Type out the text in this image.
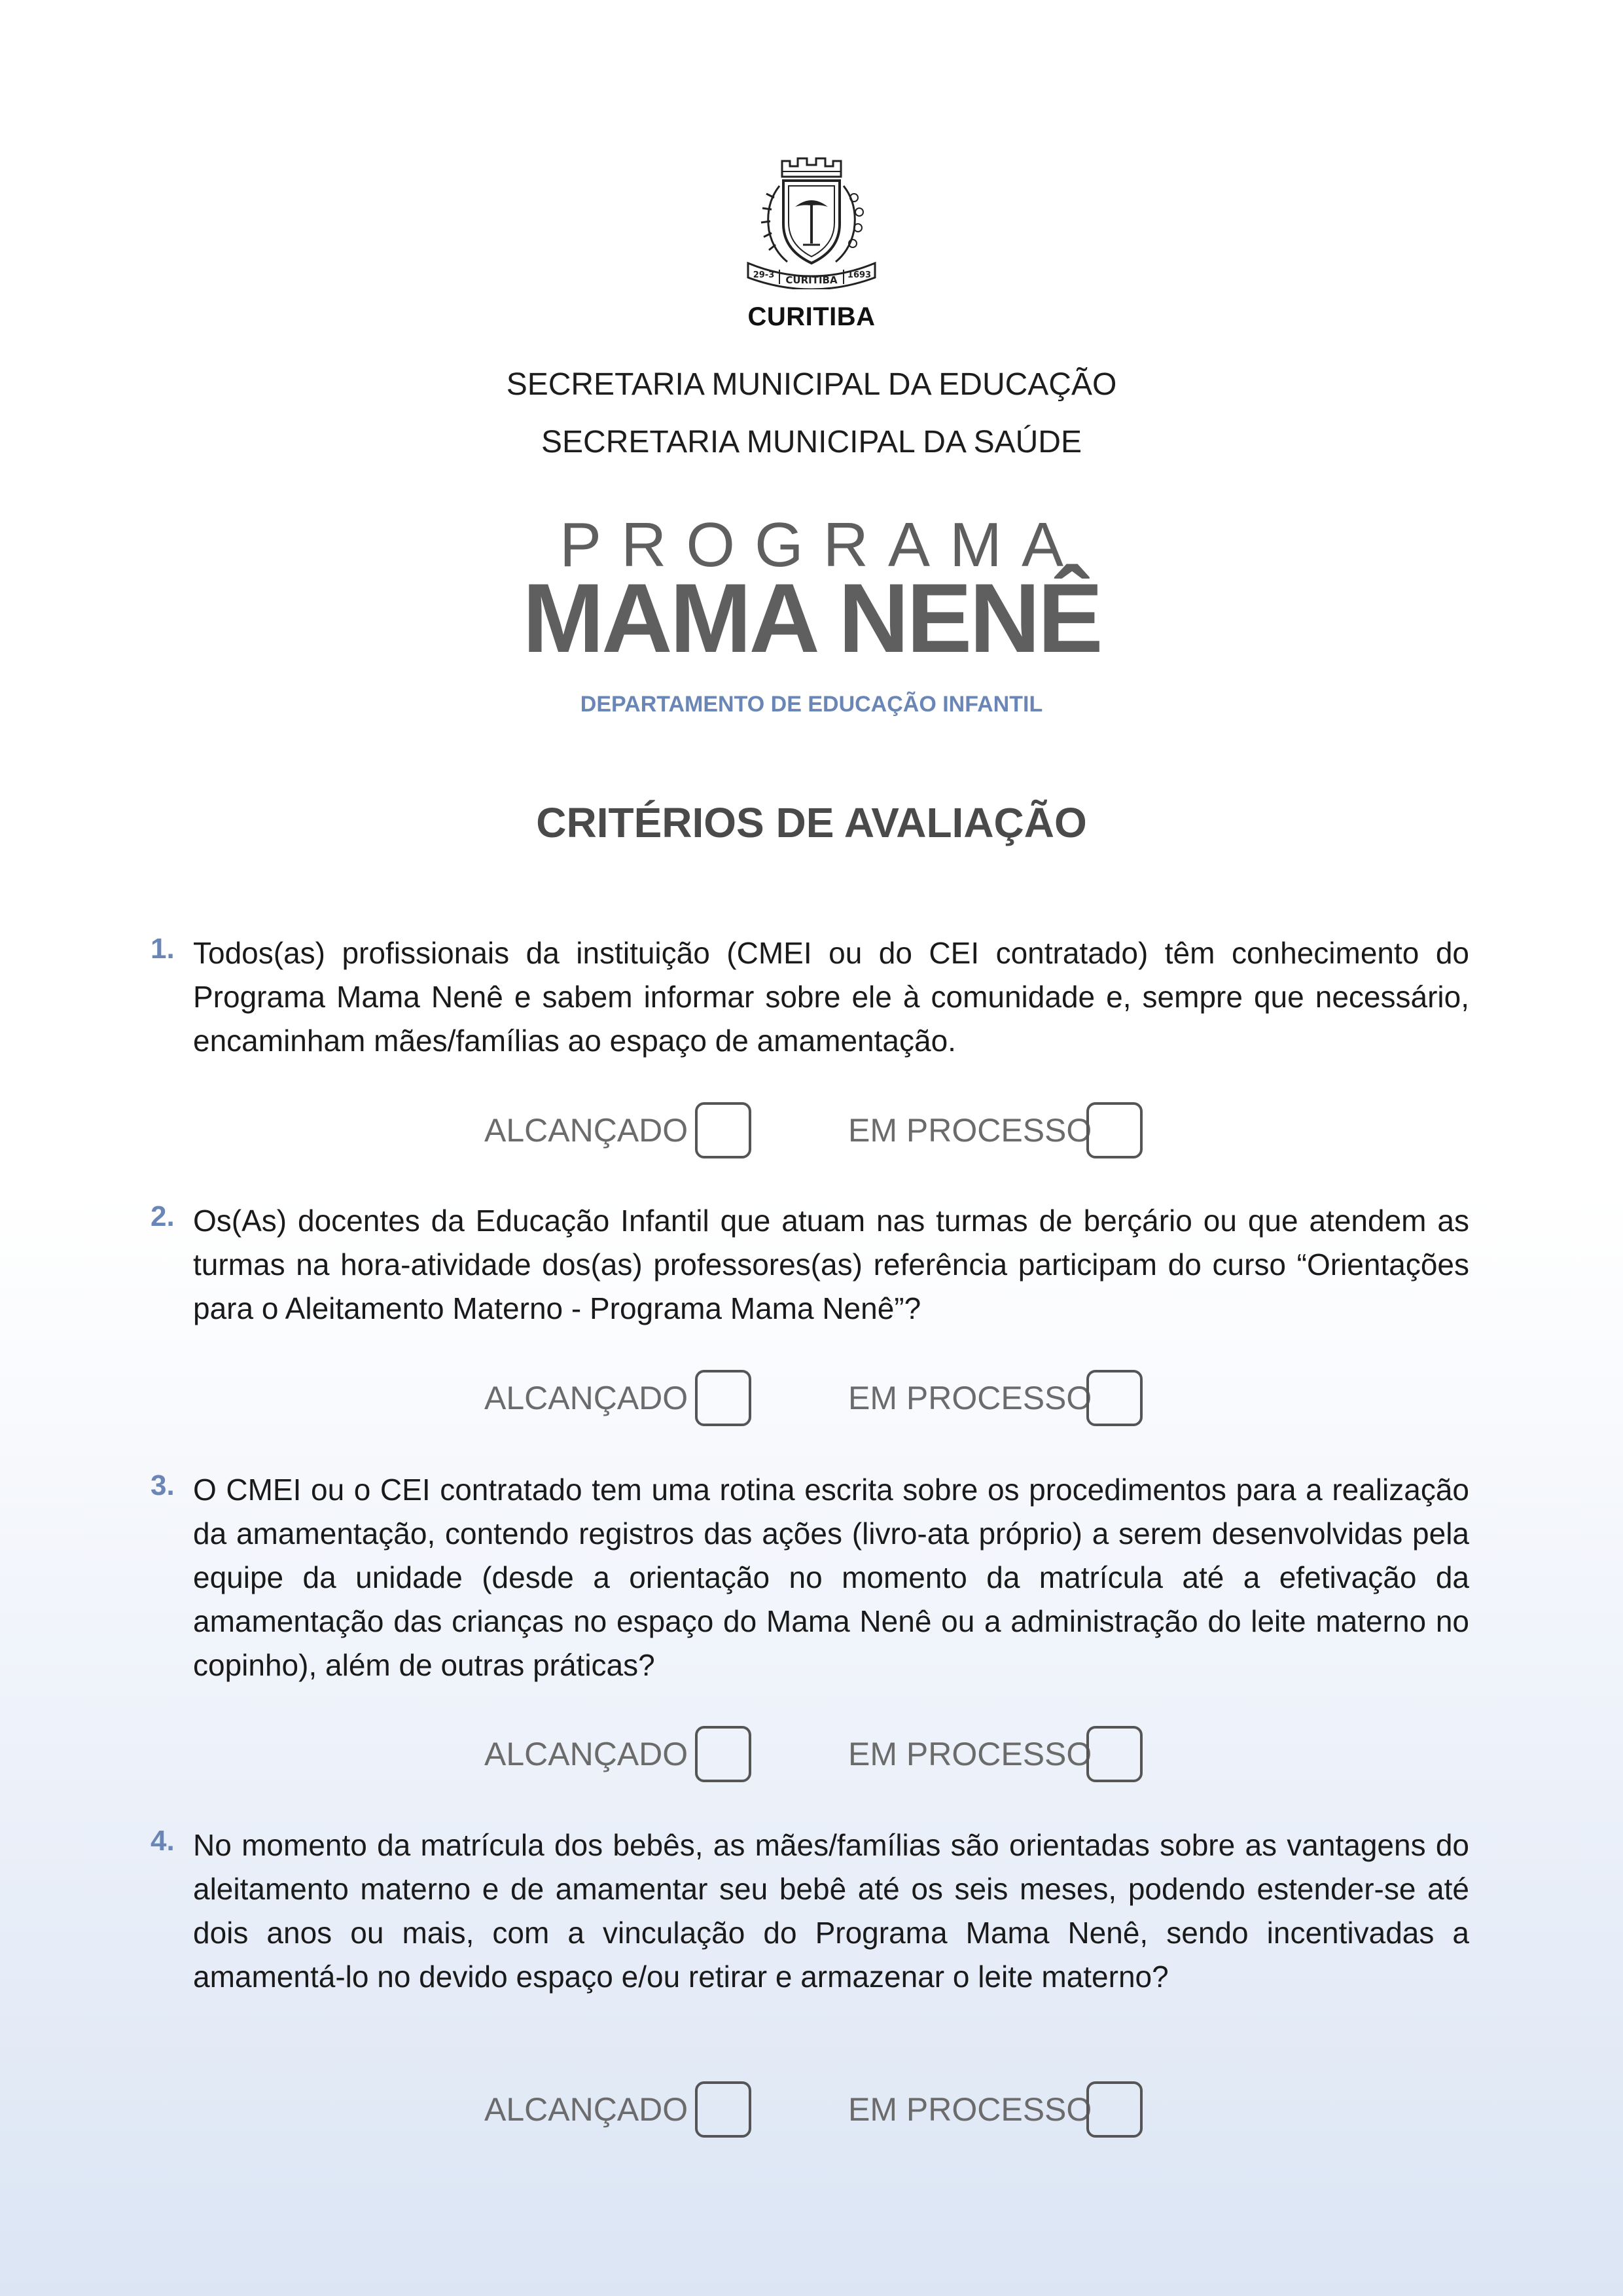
29-3 CURITIBA 1693
CURITIBA
SECRETARIA MUNICIPAL DA EDUCAÇÃO
SECRETARIA MUNICIPAL DA SAÚDE
PROGRAMA
MAMA NENÊ
DEPARTAMENTO DE EDUCAÇÃO INFANTIL
CRITÉRIOS DE AVALIAÇÃO
1. Todos(as) profissionais da instituição (CMEI ou do CEI contratado) têm conhecimento do Programa Mama Nenê e sabem informar sobre ele à comunidade e, sempre que necessário, encaminham mães/famílias ao espaço de amamentação.
ALCANÇADO	EM PROCESSO
2. Os(As) docentes da Educação Infantil que atuam nas turmas de berçário ou que atendem as turmas na hora-atividade dos(as) professores(as) referência participam do curso “Orientações para o Aleitamento Materno - Programa Mama Nenê”?
ALCANÇADO	EM PROCESSO
3. O CMEI ou o CEI contratado tem uma rotina escrita sobre os procedimentos para a realização da amamentação, contendo registros das ações (livro-ata próprio) a serem desenvolvidas pela equipe da unidade (desde a orientação no momento da matrícula até a efetivação da amamentação das crianças no espaço do Mama Nenê ou a administração do leite materno no copinho), além de outras práticas?
ALCANÇADO	EM PROCESSO
4. No momento da matrícula dos bebês, as mães/famílias são orientadas sobre as vantagens do aleitamento materno e de amamentar seu bebê até os seis meses, podendo estender-se até dois anos ou mais, com a vinculação do Programa Mama Nenê, sendo incentivadas a amamentá-lo no devido espaço e/ou retirar e armazenar o leite materno?
ALCANÇADO	EM PROCESSO
